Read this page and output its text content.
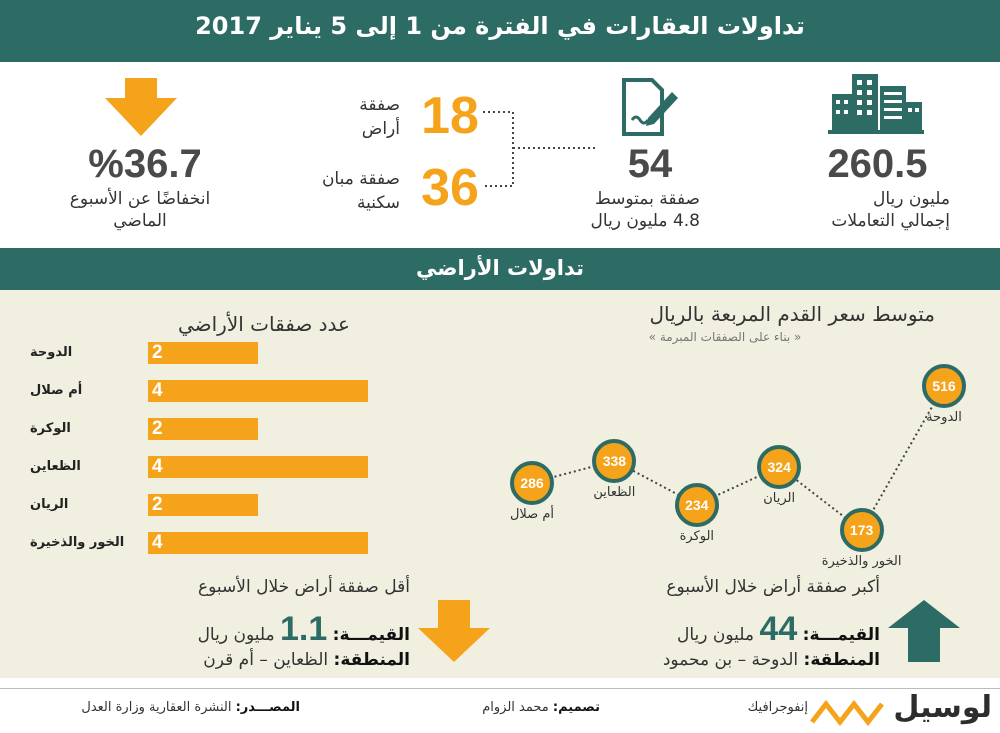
تداولات العقارات في الفترة من 1 إلى 5 يناير 2017
260.5
مليون ريال
إجمالي التعاملات
54
صفقة بمتوسط
4.8 مليون ريال
18
صفقة
أراض
36
صفقة مبان
سكنية
%36.7
انخفاضًا عن الأسبوع
الماضي
تداولات الأراضي
متوسط سعر القدم المربعة بالريال
« بناء على الصفقات المبرمة »
516
الدوحة
173
الخور والذخيرة
324
الريان
234
الوكرة
338
الظعاين
286
أم صلال
عدد صفقات الأراضي
الدوحة	2
أم صلال	4
الوكرة	2
الظعاين	4
الريان	2
الخور والذخيرة	4
أكبر صفقة أراض خلال الأسبوع
القيمـــة: 44 مليون ريال
المنطقة: الدوحة – بن محمود
أقل صفقة أراض خلال الأسبوع
القيمـــة: 1.1 مليون ريال
المنطقة: الظعاين – أم قرن
لوسيل
إنفوجرافيك
تصميم: محمد الزوام
المصـــدر: النشرة العقارية وزارة العدل
